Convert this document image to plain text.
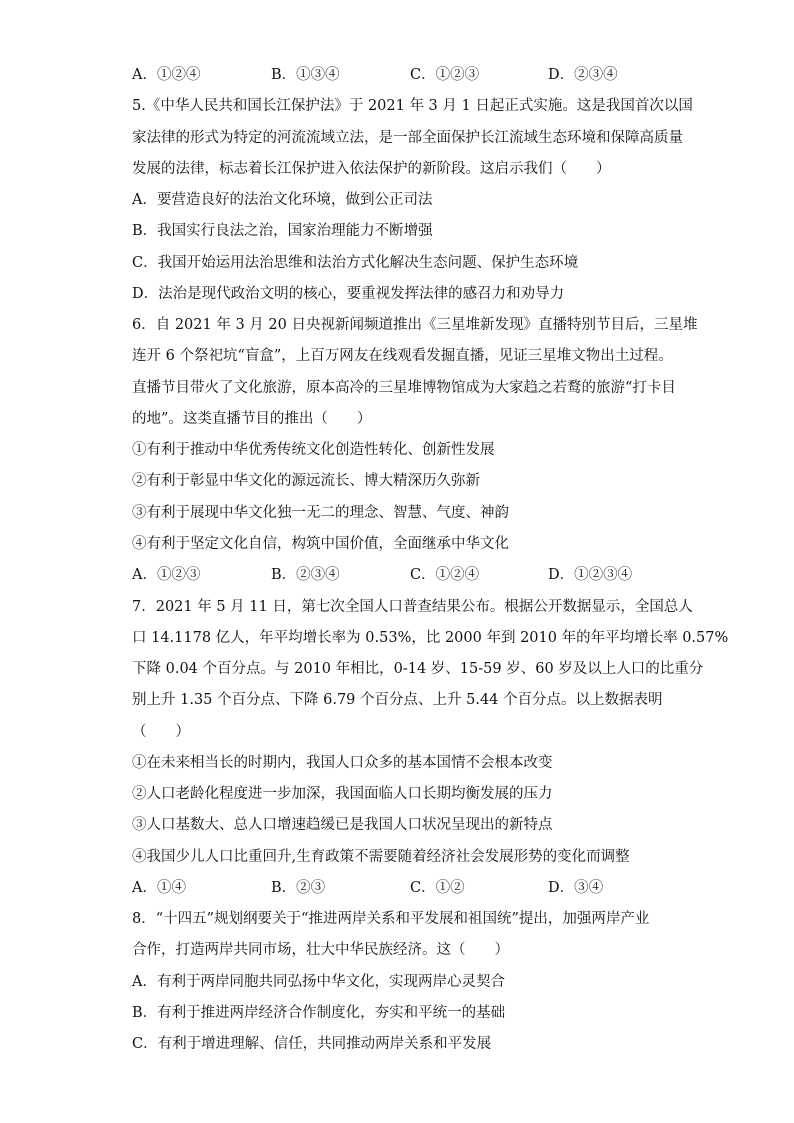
A．①②④	B．①③④	C．①②③	D．②③④
5.《中华人民共和国长江保护法》于 2021 年 3 月 1 日起正式实施。这是我国首次以国
家法律的形式为特定的河流流域立法，是一部全面保护长江流域生态环境和保障高质量
发展的法律，标志着长江保护进入依法保护的新阶段。这启示我们（　　）
A．要营造良好的法治文化环境，做到公正司法
B．我国实行良法之治，国家治理能力不断增强
C．我国开始运用法治思维和法治方式化解决生态问题、保护生态环境
D．法治是现代政治文明的核心，要重视发挥法律的感召力和劝导力
6．自 2021 年 3 月 20 日央视新闻频道推出《三星堆新发现》直播特别节目后，三星堆
连开 6 个祭祀坑“盲盒”，上百万网友在线观看发掘直播，见证三星堆文物出土过程。
直播节目带火了文化旅游，原本高冷的三星堆博物馆成为大家趋之若鹜的旅游“打卡目
的地”。这类直播节目的推出（　　）
①有利于推动中华优秀传统文化创造性转化、创新性发展
②有利于彰显中华文化的源远流长、博大精深历久弥新
③有利于展现中华文化独一无二的理念、智慧、气度、神韵
④有利于坚定文化自信，构筑中国价值，全面继承中华文化
A．①②③	B．②③④	C．①②④	D．①②③④
7．2021 年 5 月 11 日，第七次全国人口普查结果公布。根据公开数据显示，全国总人
口 14.1178 亿人，年平均增长率为 0.53%，比 2000 年到 2010 年的年平均增长率 0.57%
下降 0.04 个百分点。与 2010 年相比，0-14 岁、15-59 岁、60 岁及以上人口的比重分
别上升 1.35 个百分点、下降 6.79 个百分点、上升 5.44 个百分点。以上数据表明
（　　）
①在未来相当长的时期内，我国人口众多的基本国情不会根本改变
②人口老龄化程度进一步加深，我国面临人口长期均衡发展的压力
③人口基数大、总人口增速趋缓已是我国人口状况呈现出的新特点
④我国少儿人口比重回升,生育政策不需要随着经济社会发展形势的变化而调整
A．①④	B．②③	C．①②	D．③④
8．“十四五”规划纲要关于“推进两岸关系和平发展和祖国统”提出，加强两岸产业
合作，打造两岸共同市场，壮大中华民族经济。这（　　）
A．有利于两岸同胞共同弘扬中华文化，实现两岸心灵契合
B．有利于推进两岸经济合作制度化，夯实和平统一的基础
C．有利于增进理解、信任，共同推动两岸关系和平发展
